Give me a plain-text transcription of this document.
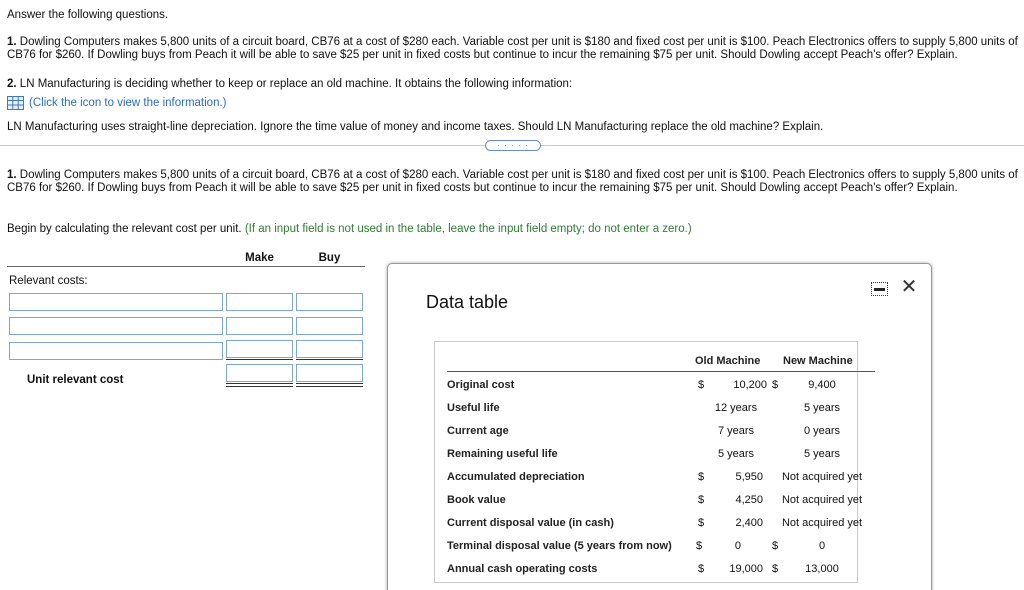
Answer the following questions.
1. Dowling Computers makes 5,800 units of a circuit board, CB76 at a cost of $280 each. Variable cost per unit is $180 and fixed cost per unit is $100. Peach Electronics offers to supply 5,800 units of CB76 for $260. If Dowling buys from Peach it will be able to save $25 per unit in fixed costs but continue to incur the remaining $75 per unit. Should Dowling accept Peach's offer? Explain.
2. LN Manufacturing is deciding whether to keep or replace an old machine. It obtains the following information:
(Click the icon to view the information.)
LN Manufacturing uses straight-line depreciation. Ignore the time value of money and income taxes. Should LN Manufacturing replace the old machine? Explain.
· · · · ·
1. Dowling Computers makes 5,800 units of a circuit board, CB76 at a cost of $280 each. Variable cost per unit is $180 and fixed cost per unit is $100. Peach Electronics offers to supply 5,800 units of CB76 for $260. If Dowling buys from Peach it will be able to save $25 per unit in fixed costs but continue to incur the remaining $75 per unit. Should Dowling accept Peach's offer? Explain.
Begin by calculating the relevant cost per unit. (If an input field is not used in the table, leave the input field empty; do not enter a zero.)
Make	Buy
Relevant costs:
Unit relevant cost
Data table
✕
Old Machine New Machine
Original cost	$	10,200 $	9,400
Useful life	12 years	5 years
Current age	7 years	0 years
Remaining useful life	5 years	5 years
Accumulated depreciation	$	5,950	Not acquired yet
Book value	$	4,250	Not acquired yet
Current disposal value (in cash)	$	2,400	Not acquired yet
Terminal disposal value (5 years from now) $	0	$	0
Annual cash operating costs	$	19,000 $	13,000
